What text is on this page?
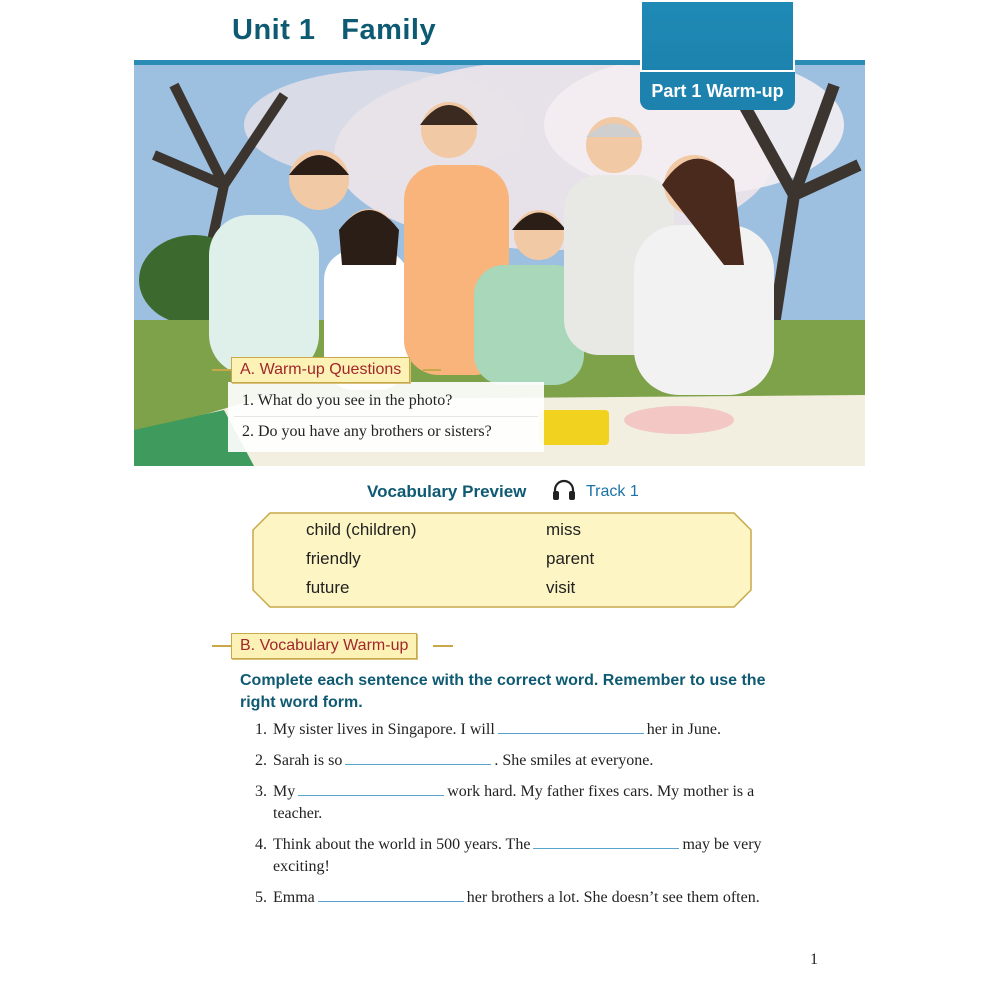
Unit 1   Family
Part 1 Warm-up
1. What do you see in the photo?
2. Do you have any brothers or sisters?
A. Warm-up Questions
Vocabulary Preview	Track 1
child (children)	miss
friendly	parent
future	visit
B. Vocabulary Warm-up
Complete each sentence with the correct word. Remember to use the right word form.
1. My sister lives in Singapore. I will	her in June.
2. Sarah is so	. She smiles at everyone.
3. My	work hard. My father fixes cars. My mother is a teacher.
4. Think about the world in 500 years. The	may be very exciting!
5. Emma	her brothers a lot. She doesn’t see them often.
1
